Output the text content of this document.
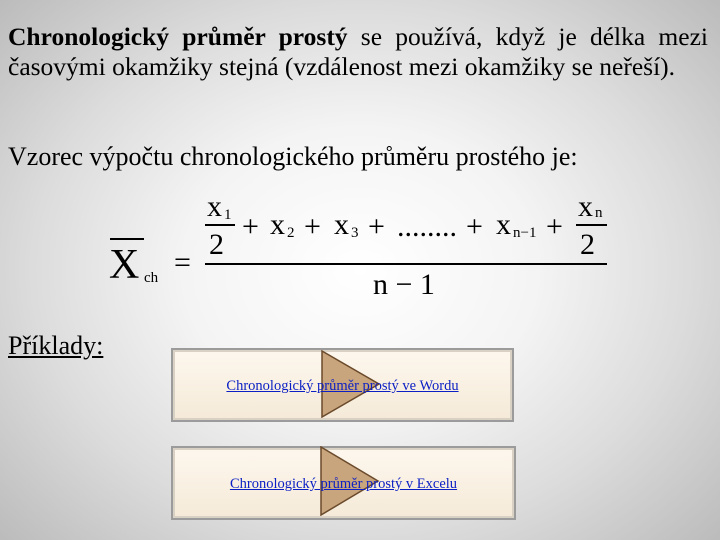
Chronologický průměr prostý se používá, když je délka mezi časovými okamžiky stejná (vzdálenost mezi okamžiky se neřeší).

Vzorec výpočtu chronologického průměru prostého je:

X ch =
x 1
2
+ x 2 + x 3 + ........ + x n−1 +
x n
2
n − 1
Příklady:
Chronologický průměr prostý ve Wordu
Chronologický průměr prostý v Excelu
